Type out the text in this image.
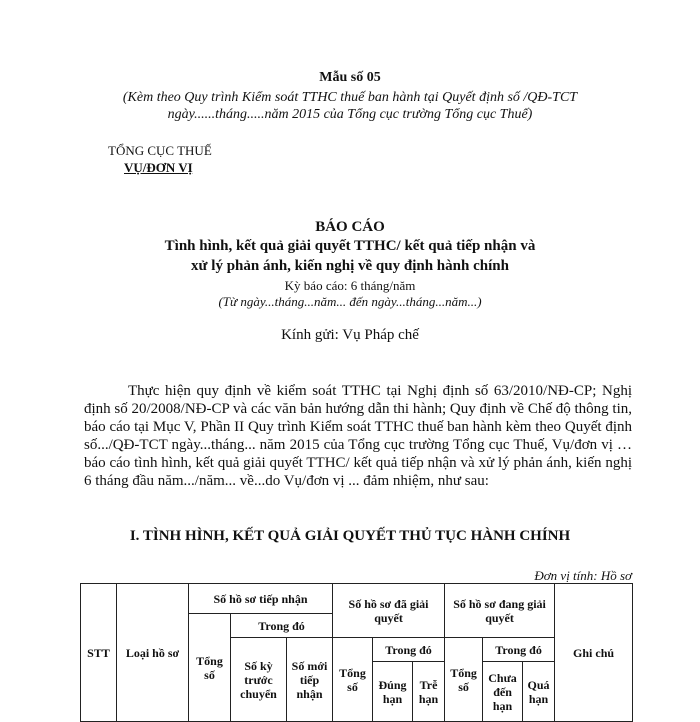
Mẫu số 05
(Kèm theo Quy trình Kiểm soát TTHC thuế ban hành tại Quyết định số /QĐ-TCT
ngày......tháng.....năm 2015 của Tổng cục trường Tổng cục Thuế)
TỔNG CỤC THUẾ
VỤ/ĐƠN VỊ
BÁO CÁO
Tình hình, kết quả giải quyết TTHC/ kết quả tiếp nhận và
xử lý phản ánh, kiến nghị về quy định hành chính
Kỳ báo cáo: 6 tháng/năm
(Từ ngày...tháng...năm... đến ngày...tháng...năm...)
Kính gửi: Vụ Pháp chế
Thực hiện quy định về kiểm soát TTHC tại Nghị định số 63/2010/NĐ-CP; Nghị định số 20/2008/NĐ-CP và các văn bản hướng dẫn thi hành; Quy định về Chế độ thông tin, báo cáo tại Mục V, Phần II Quy trình Kiểm soát TTHC thuế ban hành kèm theo Quyết định số.../QĐ-TCT ngày...tháng... năm 2015 của Tổng cục trường Tổng cục Thuế, Vụ/đơn vị … báo cáo tình hình, kết quả giải quyết TTHC/ kết quả tiếp nhận và xử lý phản ánh, kiến nghị 6 tháng đầu năm.../năm... về...do Vụ/đơn vị ... đảm nhiệm, như sau:
I. TÌNH HÌNH, KẾT QUẢ GIẢI QUYẾT THỦ TỤC HÀNH CHÍNH
Đơn vị tính: Hồ sơ
STT	Loại hồ sơ	Số hồ sơ tiếp nhận			Số hồ sơ đã giải quyết			Số hồ sơ đang giải quyết			Ghi chú
		Tổng số	Trong đó								
			Số kỳ trước chuyển	Số mới tiếp nhận	Tổng số	Trong đó		Tổng số	Trong đó		
						Đúng hạn	Trễ hạn		Chưa đến hạn	Quá hạn	
